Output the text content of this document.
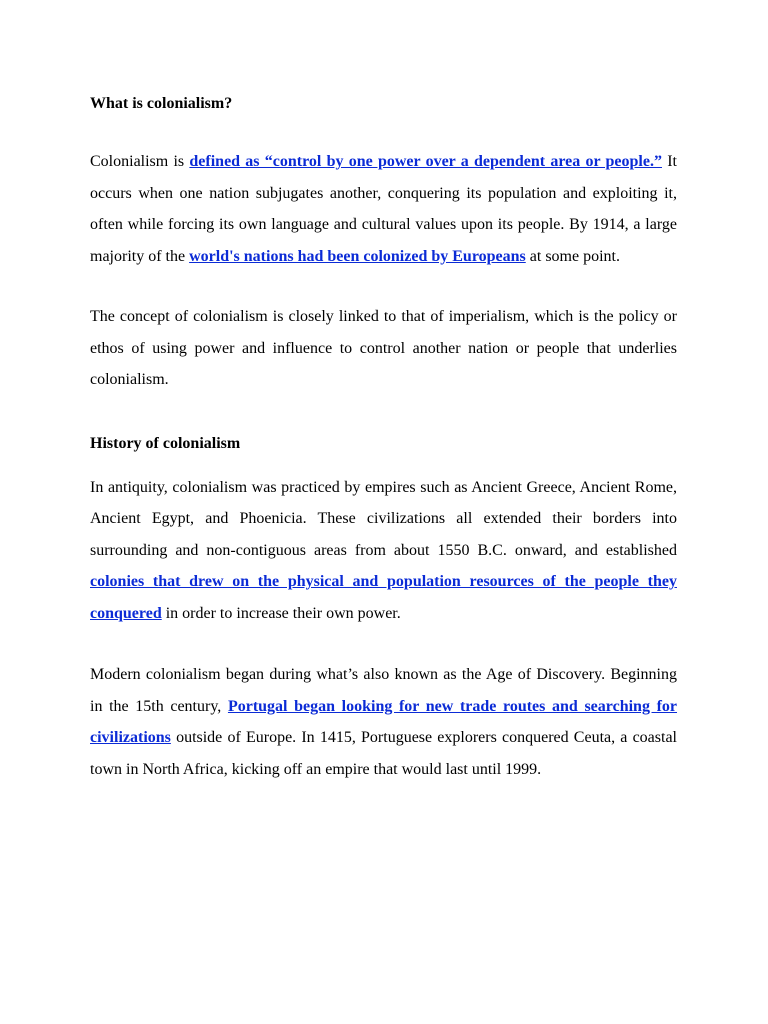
What is colonialism?

Colonialism is defined as “control by one power over a dependent area or people.” It occurs when one nation subjugates another, conquering its population and exploiting it, often while forcing its own language and cultural values upon its people. By 1914, a large majority of the world's nations had been colonized by Europeans at some point.

The concept of colonialism is closely linked to that of imperialism, which is the policy or ethos of using power and influence to control another nation or people that underlies colonialism.

History of colonialism

In antiquity, colonialism was practiced by empires such as Ancient Greece, Ancient Rome, Ancient Egypt, and Phoenicia. These civilizations all extended their borders into surrounding and non-contiguous areas from about 1550 B.C. onward, and established colonies that drew on the physical and population resources of the people they conquered in order to increase their own power.

Modern colonialism began during what’s also known as the Age of Discovery. Beginning in the 15th century, Portugal began looking for new trade routes and searching for civilizations outside of Europe. In 1415, Portuguese explorers conquered Ceuta, a coastal town in North Africa, kicking off an empire that would last until 1999.
